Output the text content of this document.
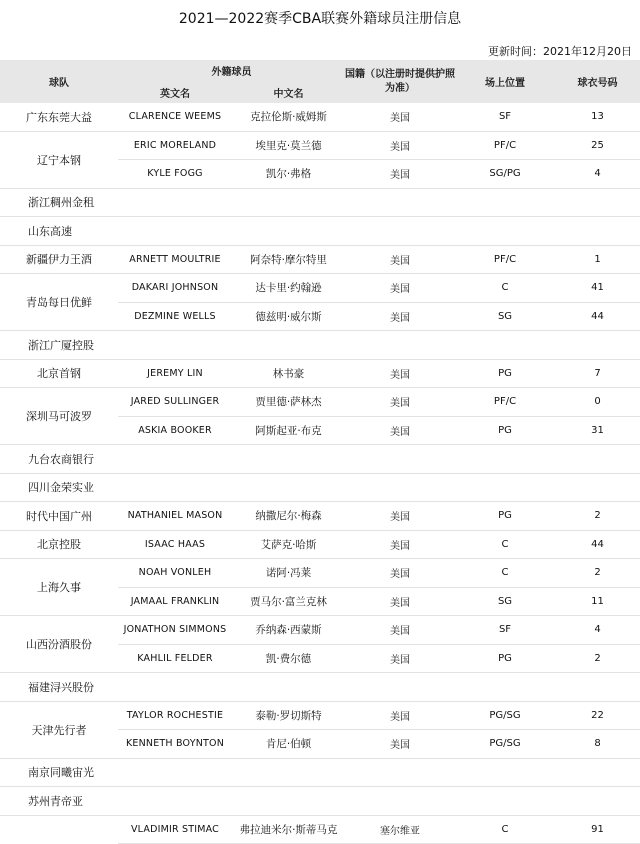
2021—2022赛季CBA联赛外籍球员注册信息
更新时间：2021年12月20日
球队	外籍球员		国籍（以注册时提供护照为准）	场上位置	球衣号码
	英文名	中文名			
广东东莞大益	CLARENCE WEEMS	克拉伦斯·威姆斯	美国	SF	13
辽宁本钢	ERIC MORELAND	埃里克·莫兰德	美国	PF/C	25
	KYLE FOGG	凯尔·弗格	美国	SG/PG	4
浙江稠州金租					
山东高速					
新疆伊力王酒	ARNETT MOULTRIE	阿奈特·摩尔特里	美国	PF/C	1
青岛每日优鲜	DAKARI JOHNSON	达卡里·约翰逊	美国	C	41
	DEZMINE WELLS	德兹明·威尔斯	美国	SG	44
浙江广厦控股					
北京首钢	JEREMY LIN	林书豪	美国	PG	7
深圳马可波罗	JARED SULLINGER	贾里德·萨林杰	美国	PF/C	0
	ASKIA BOOKER	阿斯起亚·布克	美国	PG	31
九台农商银行					
四川金荣实业					
时代中国广州	NATHANIEL MASON	纳撒尼尔·梅森	美国	PG	2
北京控股	ISAAC HAAS	艾萨克·哈斯	美国	C	44
上海久事	NOAH VONLEH	诺阿·冯莱	美国	C	2
	JAMAAL FRANKLIN	贾马尔·富兰克林	美国	SG	11
山西汾酒股份	JONATHON SIMMONS	乔纳森·西蒙斯	美国	SF	4
	KAHLIL FELDER	凯·费尔德	美国	PG	2
福建浔兴股份					
天津先行者	TAYLOR ROCHESTIE	泰勒·罗切斯特	美国	PG/SG	22
	KENNETH BOYNTON	肯尼·伯顿	美国	PG/SG	8
南京同曦宙光					
苏州青帝亚					
	VLADIMIR STIMAC	弗拉迪米尔·斯蒂马克	塞尔维亚	C	91
